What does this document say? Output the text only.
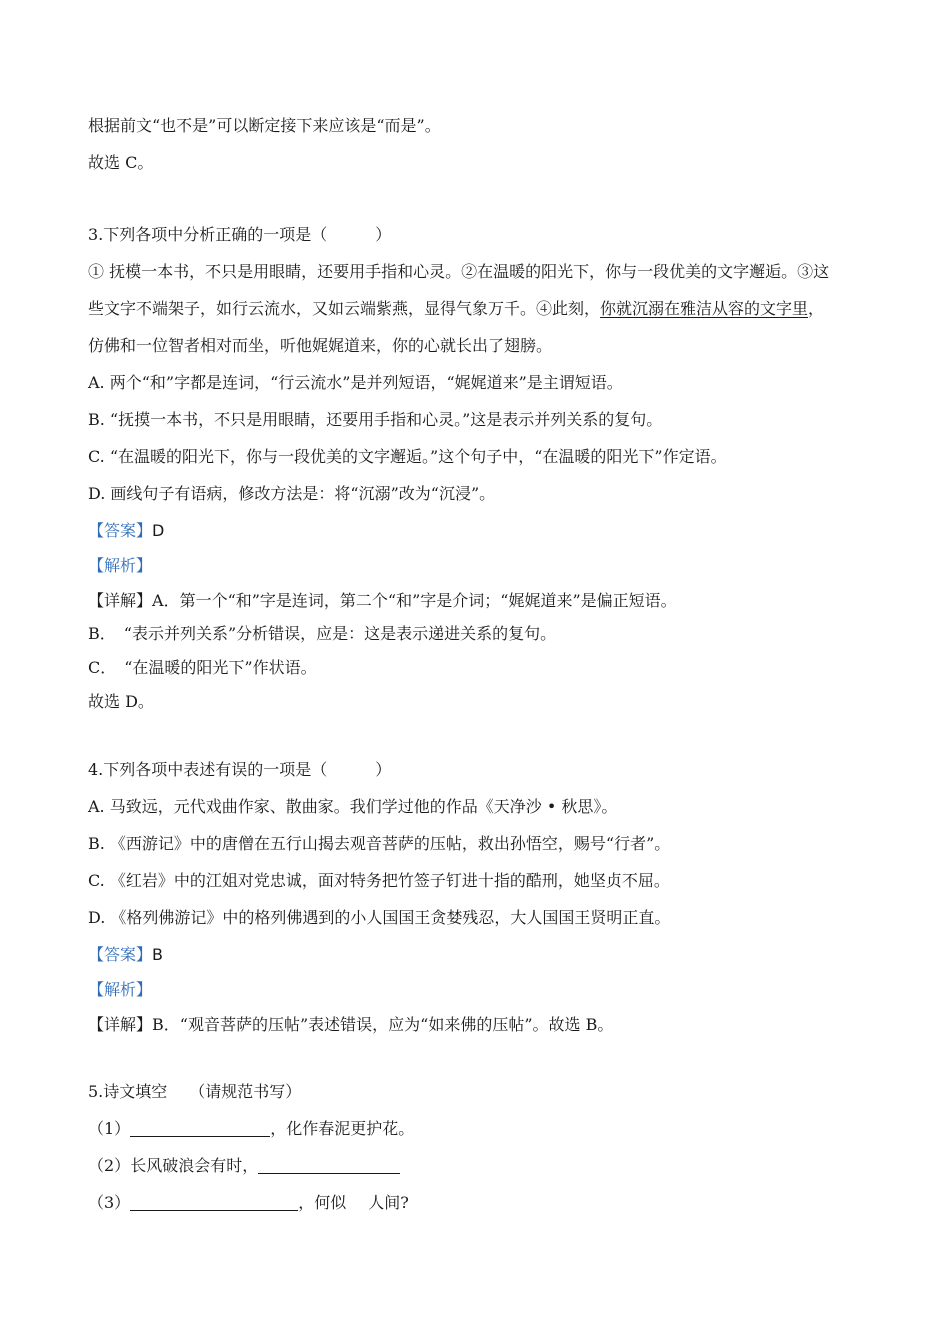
根据前文“也不是”可以断定接下来应该是“而是”。
故选 C。
3.下列各项中分析正确的一项是（	）
① 抚模一本书，不只是用眼睛，还要用手指和心灵。②在温暖的阳光下，你与一段优美的文字邂逅。③这
些文字不端架子，如行云流水，又如云端紫燕，显得气象万千。④此刻，你就沉溺在雅洁从容的文字里，
仿佛和一位智者相对而坐，听他娓娓道来，你的心就长出了翅膀。
A. 两个“和”字都是连词，“行云流水”是并列短语，“娓娓道来”是主谓短语。
B. “抚摸一本书，不只是用眼睛，还要用手指和心灵。”这是表示并列关系的复句。
C. “在温暖的阳光下，你与一段优美的文字邂逅。”这个句子中，“在温暖的阳光下”作定语。
D. 画线句子有语病，修改方法是：将“沉溺”改为“沉浸”。
【答案】D
【解析】
【详解】A．第一个“和”字是连词，第二个“和”字是介词；“娓娓道来”是偏正短语。
B．　“表示并列关系”分析错误，应是：这是表示递进关系的复句。
C．　“在温暖的阳光下”作状语。
故选 D。
4.下列各项中表述有误的一项是（	）
A. 马致远，元代戏曲作家、散曲家。我们学过他的作品《天净沙 • 秋思》。
B. 《西游记》中的唐僧在五行山揭去观音菩萨的压帖，救出孙悟空，赐号“行者”。
C. 《红岩》中的江姐对党忠诚，面对特务把竹签子钉进十指的酷刑，她坚贞不屈。
D. 《格列佛游记》中的格列佛遇到的小人国国王贪婪残忍，大人国国王贤明正直。
【答案】B
【解析】
【详解】B．“观音菩萨的压帖”表述错误，应为“如来佛的压帖”。故选 B。
5.诗文填空 （请规范书写）
（1）	，化作春泥更护花。
（2）长风破浪会有时，
（3）	，何似 人间?
